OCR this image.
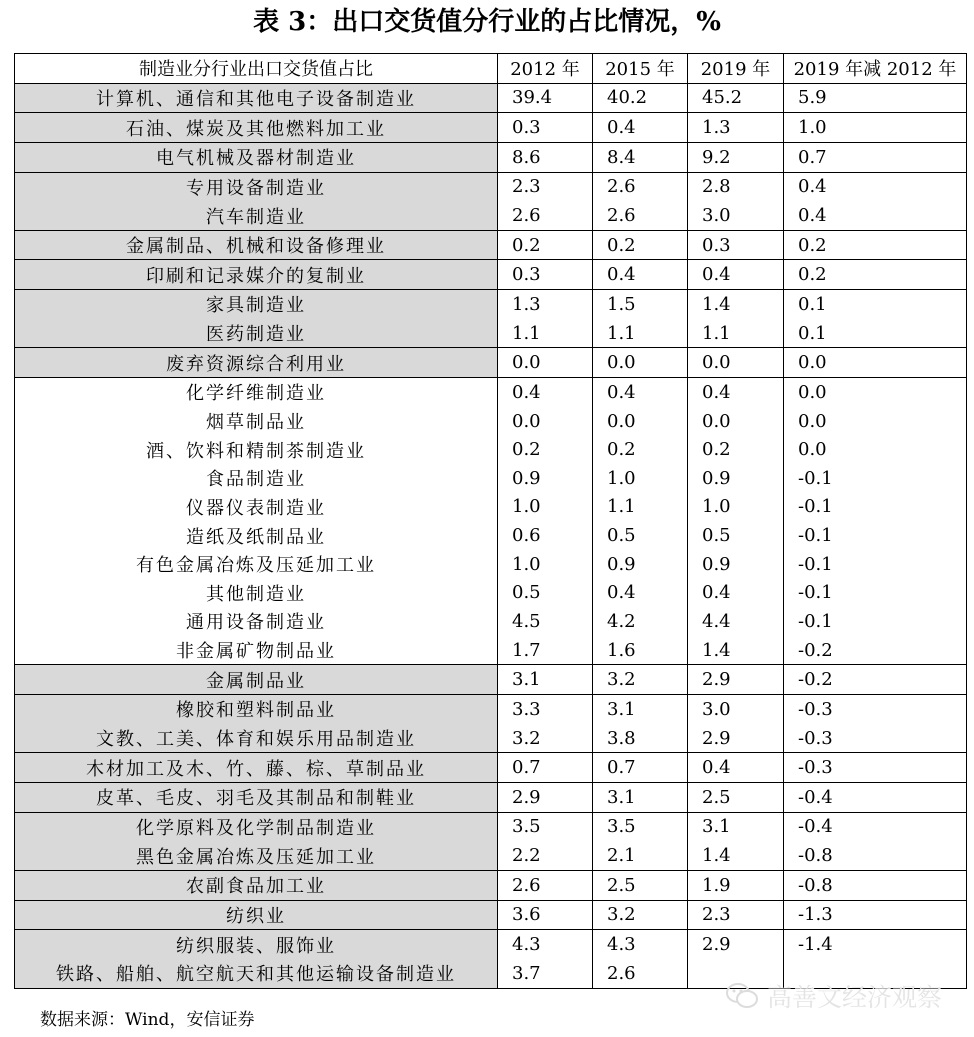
表 3：出口交货值分行业的占比情况，%
制造业分行业出口交货值占比	2012 年	2015 年	2019 年	2019 年减 2012 年
计算机、通信和其他电子设备制造业	39.4	40.2	45.2	5.9
石油、煤炭及其他燃料加工业	0.3	0.4	1.3	1.0
电气机械及器材制造业	8.6	8.4	9.2	0.7
专用设备制造业	2.3	2.6	2.8	0.4
汽车制造业	2.6	2.6	3.0	0.4
金属制品、机械和设备修理业	0.2	0.2	0.3	0.2
印刷和记录媒介的复制业	0.3	0.4	0.4	0.2
家具制造业	1.3	1.5	1.4	0.1
医药制造业	1.1	1.1	1.1	0.1
废弃资源综合利用业	0.0	0.0	0.0	0.0
化学纤维制造业	0.4	0.4	0.4	0.0
烟草制品业	0.0	0.0	0.0	0.0
酒、饮料和精制茶制造业	0.2	0.2	0.2	0.0
食品制造业	0.9	1.0	0.9	-0.1
仪器仪表制造业	1.0	1.1	1.0	-0.1
造纸及纸制品业	0.6	0.5	0.5	-0.1
有色金属冶炼及压延加工业	1.0	0.9	0.9	-0.1
其他制造业	0.5	0.4	0.4	-0.1
通用设备制造业	4.5	4.2	4.4	-0.1
非金属矿物制品业	1.7	1.6	1.4	-0.2
金属制品业	3.1	3.2	2.9	-0.2
橡胶和塑料制品业	3.3	3.1	3.0	-0.3
文教、工美、体育和娱乐用品制造业	3.2	3.8	2.9	-0.3
木材加工及木、竹、藤、棕、草制品业	0.7	0.7	0.4	-0.3
皮革、毛皮、羽毛及其制品和制鞋业	2.9	3.1	2.5	-0.4
化学原料及化学制品制造业	3.5	3.5	3.1	-0.4
黑色金属冶炼及压延加工业	2.2	2.1	1.4	-0.8
农副食品加工业	2.6	2.5	1.9	-0.8
纺织业	3.6	3.2	2.3	-1.3
纺织服装、服饰业	4.3	4.3	2.9	-1.4
铁路、船舶、航空航天和其他运输设备制造业	3.7	2.6		
数据来源：Wind，安信证券
高善文经济观察
